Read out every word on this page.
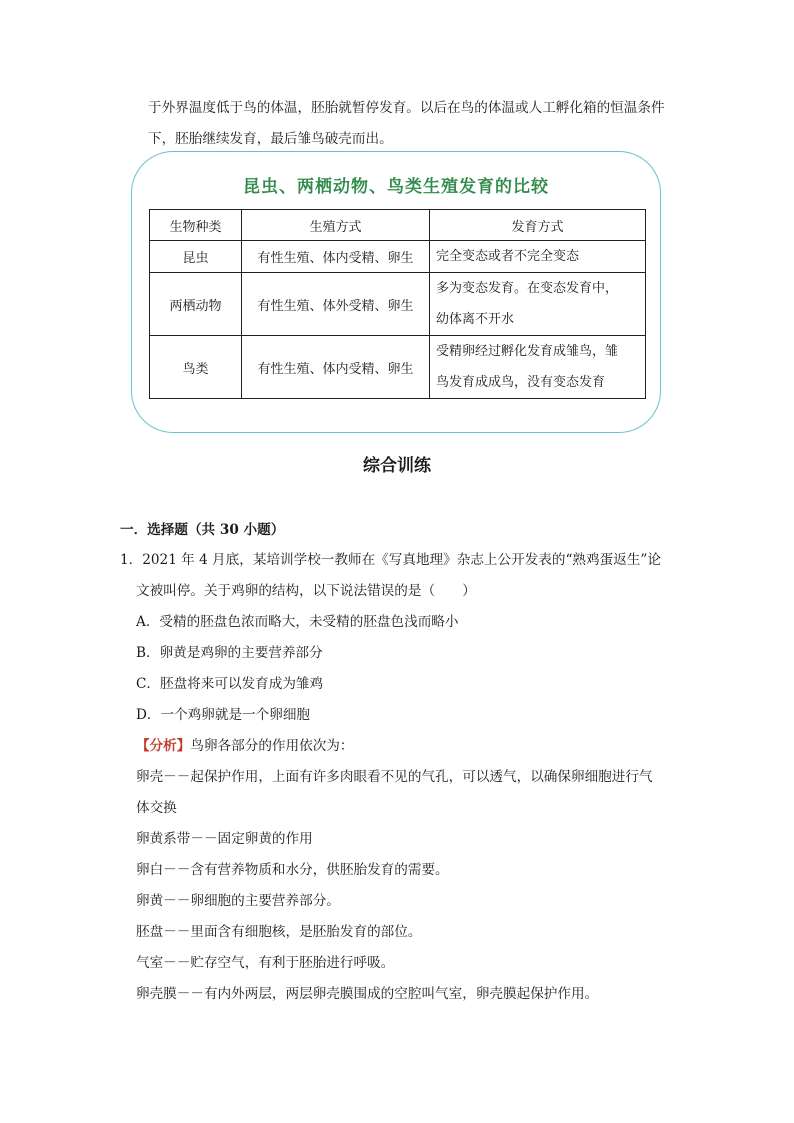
于外界温度低于鸟的体温，胚胎就暂停发育。以后在鸟的体温或人工孵化箱的恒温条件

下，胚胎继续发育，最后雏鸟破壳而出。

昆虫、两栖动物、鸟类生殖发育的比较
生物种类	生殖方式	发育方式
昆虫	有性生殖、体内受精、卵生	完全变态或者不完全变态

两栖动物	有性生殖、体外受精、卵生	多为变态发育。在变态发育中，
幼体离不开水

鸟类	有性生殖、体内受精、卵生	受精卵经过孵化发育成雏鸟，雏
鸟发育成成鸟，没有变态发育
综合训练
一．选择题（共 30 小题）

1．2021 年 4 月底，某培训学校一教师在《写真地理》杂志上公开发表的“熟鸡蛋返生”论

文被叫停。关于鸡卵的结构，以下说法错误的是（　　）

A．受精的胚盘色浓而略大，未受精的胚盘色浅而略小

B．卵黄是鸡卵的主要营养部分

C．胚盘将来可以发育成为雏鸡

D．一个鸡卵就是一个卵细胞

【分析】鸟卵各部分的作用依次为：

卵壳－－起保护作用，上面有许多肉眼看不见的气孔，可以透气，以确保卵细胞进行气

体交换

卵黄系带－－固定卵黄的作用

卵白－－含有营养物质和水分，供胚胎发育的需要。

卵黄－－卵细胞的主要营养部分。

胚盘－－里面含有细胞核，是胚胎发育的部位。

气室－－贮存空气，有利于胚胎进行呼吸。

卵壳膜－－有内外两层，两层卵壳膜围成的空腔叫气室，卵壳膜起保护作用。
